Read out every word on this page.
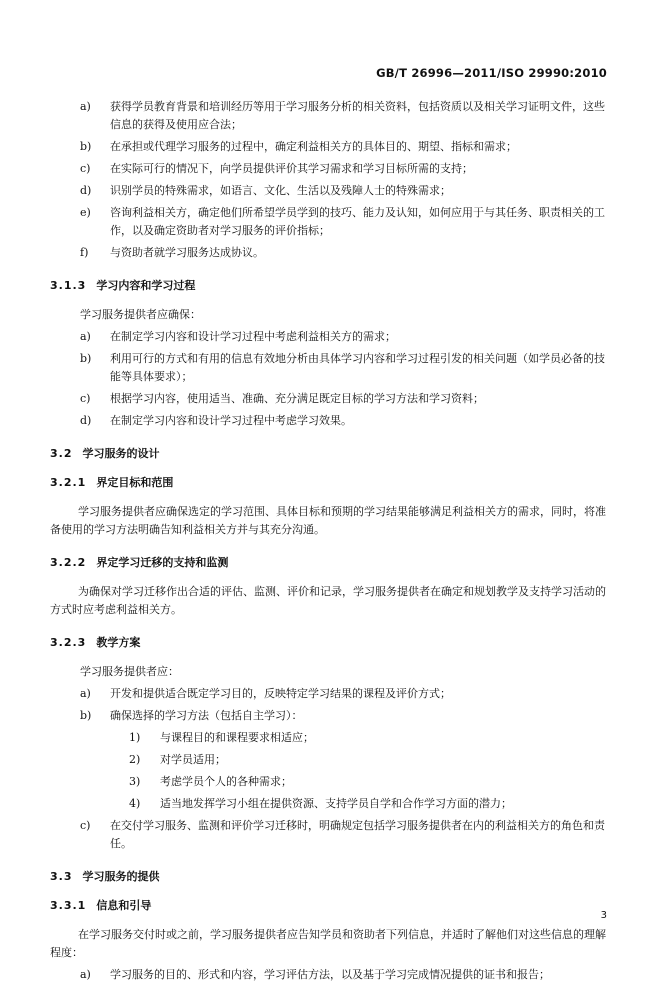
GB/T 26996—2011/ISO 29990:2010
a) 获得学员教育背景和培训经历等用于学习服务分析的相关资料，包括资质以及相关学习证明文件，这些信息的获得及使用应合法；
b) 在承担或代理学习服务的过程中，确定利益相关方的具体目的、期望、指标和需求；
c) 在实际可行的情况下，向学员提供评价其学习需求和学习目标所需的支持；
d) 识别学员的特殊需求，如语言、文化、生活以及残障人士的特殊需求；
e) 咨询利益相关方，确定他们所希望学员学到的技巧、能力及认知，如何应用于与其任务、职责相关的工作，以及确定资助者对学习服务的评价指标；
f) 与资助者就学习服务达成协议。
3.1.3 学习内容和学习过程
学习服务提供者应确保：
a) 在制定学习内容和设计学习过程中考虑利益相关方的需求；
b) 利用可行的方式和有用的信息有效地分析由具体学习内容和学习过程引发的相关问题（如学员必备的技能等具体要求）；
c) 根据学习内容，使用适当、准确、充分满足既定目标的学习方法和学习资料；
d) 在制定学习内容和设计学习过程中考虑学习效果。
3.2 学习服务的设计
3.2.1 界定目标和范围
学习服务提供者应确保选定的学习范围、具体目标和预期的学习结果能够满足利益相关方的需求，同时，将准备使用的学习方法明确告知利益相关方并与其充分沟通。
3.2.2 界定学习迁移的支持和监测
为确保对学习迁移作出合适的评估、监测、评价和记录，学习服务提供者在确定和规划教学及支持学习活动的方式时应考虑利益相关方。
3.2.3 教学方案
学习服务提供者应：
a) 开发和提供适合既定学习目的，反映特定学习结果的课程及评价方式；
b) 确保选择的学习方法（包括自主学习）：
1) 与课程目的和课程要求相适应；
2) 对学员适用；
3) 考虑学员个人的各种需求；
4) 适当地发挥学习小组在提供资源、支持学员自学和合作学习方面的潜力；
c) 在交付学习服务、监测和评价学习迁移时，明确规定包括学习服务提供者在内的利益相关方的角色和责任。
3.3 学习服务的提供
3.3.1 信息和引导
在学习服务交付时或之前，学习服务提供者应告知学员和资助者下列信息，并适时了解他们对这些信息的理解程度：
a) 学习服务的目的、形式和内容，学习评估方法，以及基于学习完成情况提供的证书和报告；
3
